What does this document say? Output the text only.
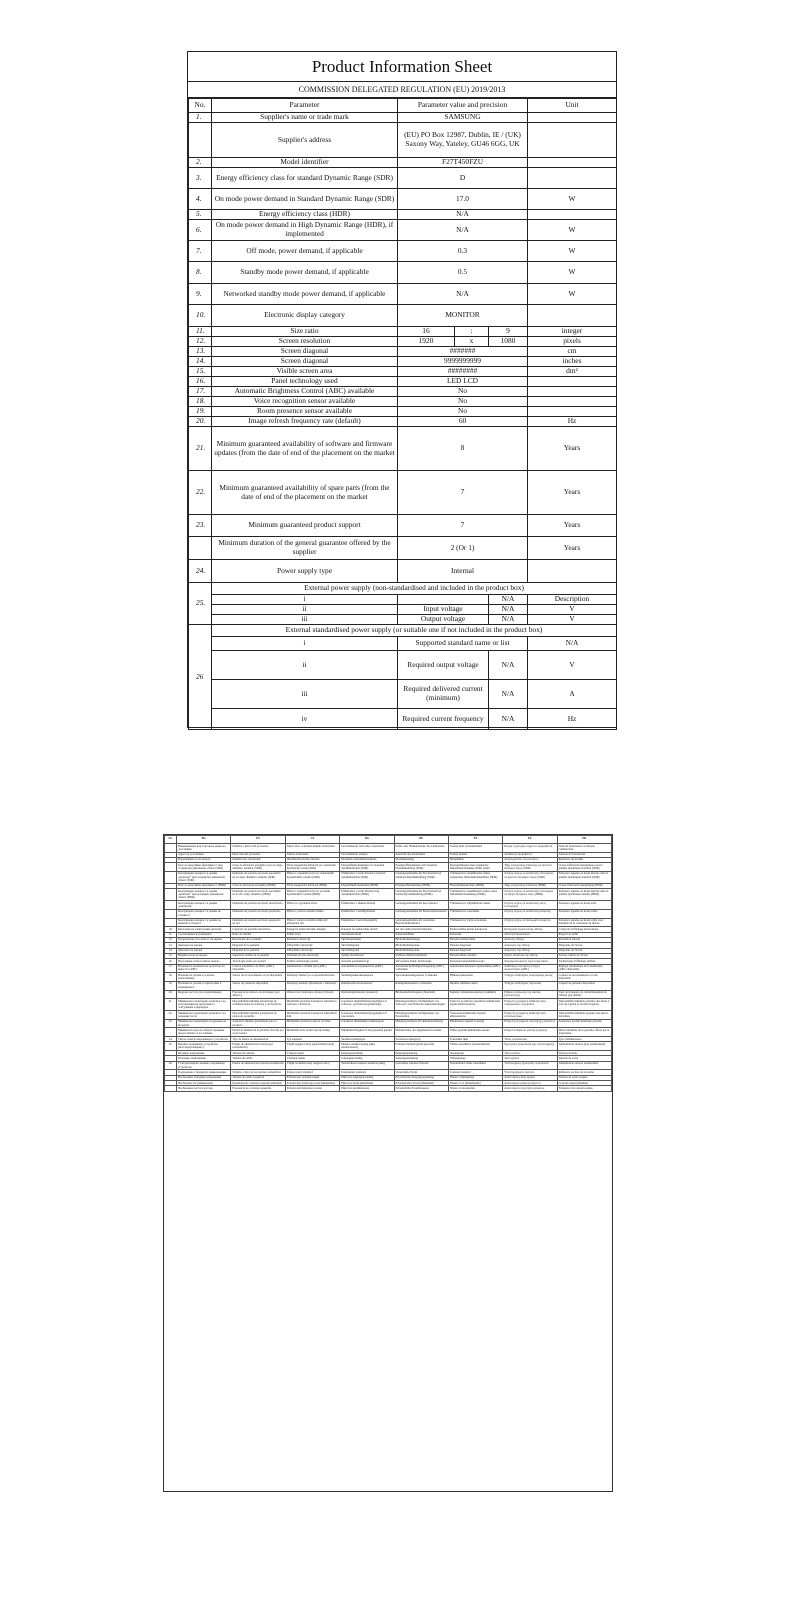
Product Information Sheet
COMMISSION DELEGATED REGULATION (EU) 2019/2013
No.	Parameter	Parameter value and precision			Unit
1.	Supplier's name or trade mark	SAMSUNG			
	Supplier's address	(EU) PO Box 12987, Dublin, IE / (UK) Saxony Way, Yateley, GU46 6GG, UK			
2.	Model identifier	F27T450FZU			
3.	Energy efficiency class for standard Dynamic Range (SDR)	D			
4.	On mode power demand in Standard Dynamic Range (SDR)	17.0			W
5.	Energy efficiency class (HDR)	N/A			
6.	On mode power demand in High Dynamic Range (HDR), if implemented	N/A			W
7.	Off mode, power demand, if applicable	0.3			W
8.	Standby mode power demand, if applicable	0.5			W
9.	Networked standby mode power demand, if applicable	N/A			W
10.	Electronic display category	MONITOR			
11.	Size ratio	16	:	9	integer
12.	Screen resolution	1920	x	1080	pixels
13.	Screen diagonal	#######			cm
14.	Screen diagonal	9999999999			inches
15.	Visible screen area	########			dm²
16.	Panel technology used	LED LCD			
17.	Automatic Brightness Control (ABC) available	No			
18.	Voice recognition sensor available	No			
19.	Room presence sensor available	No			
20.	Image refresh frequency rate (default)	60			Hz
21.	Minimum guaranteed availability of software and firmware updates (from the date of end of the placement on the market	8			Years
22.	Minimum guaranteed availability of spare parts (from the date of end of the placement on the market	7			Years
23.	Minimum guaranteed product support	7			Years
	Minimum duration of the general guarantee offered by the supplier	2 (Or 1)			Years
24.	Power supply type	Internal			
25.	External power supply (non-standardised and included in the product box)				
	i			N/A	Description
	ii	Input voltage		N/A	V
	iii	Output voltage		N/A	V
26	External standardised power supply (or suitable one if not included in the product box)				
	i	Supported standard name or list			N/A
	ii	Required output voltage		N/A	V
	iii	Required delivered current (minimum)		N/A	A
	iv	Required current frequency		N/A	Hz
No.	BG	ES	CS	DA	DE	ET	EL	FR
	Наименование или търговска марка на доставчика	Nombre o marca del proveedor	Název nebo ochranná známka dodavatele	Leverandørens navn eller varemærke	Name oder Handelsmarke des Lieferanten	Tarnija nimi või kaubamärk	Όνομα ή εμπορικό σήμα του προμηθευτή	Nom du fournisseur ou marque commerciale
	Адрес на доставчика	Dirección del proveedor	Adresa dodavatele	Leverandørens adresse	Anschrift des Lieferanten	Tarnija aadress	Διεύθυνση προμηθευτή	Adresse du fournisseur
	Идентификатор на модела	Identificador del modelo	Identifikační značka modelu	Modellens identifikationskode	Modellkennung	Mudelitähis	Αναγνωριστικό του μοντέλου	Référence du modèle
	Клас на енергийна ефективност при стандартен динамичен обхват (SDR)	Clase de eficiencia energética para el rango dinámico estándar (SDR)	Třída energetické účinnosti pro standardní dynamický rozsah (SDR)	Energieffektivitetsklasse for standard dynamikområde (SDR)	Energieeffizienzklasse für Standard-Dynamikumfang (SDR)	Energiatõhususe klass standardse dünaamikavahemiku (SDR) puhul	Τάξη ενεργειακής απόδοσης για πρότυπο δυναμικό εύρος (SDR)	Classe d'efficacité énergétique pour la gamme dynamique standard (SDR)
	Консумирана мощност в режим „включен“ при стандартен динамичен обхват (SDR)	Demanda de potencia en modo encendido en el rango dinámico estándar (SDR)	Příkon v zapnutém stavu ve standardním dynamickém rozsahu (SDR)	Effektbehov i tændt tilstand i standard dynamikområde (SDR)	Leistungsaufnahme im Ein-Zustand bei Standard-Dynamikumfang (SDR)	Võimsustarve sisselülitatud olekus standardses dünaamikavahemikus (SDR)	Ζήτηση ισχύος σε κατάσταση λειτουργίας σε πρότυπο δυναμικό εύρος (SDR)	Puissance appelée en mode marche dans la gamme dynamique standard (SDR)
	Клас на енергийна ефективност (HDR)	Clase de eficiencia energética (HDR)	Třída energetické účinnosti (HDR)	Energieffektivitetsklasse (HDR)	Energieeffizienzklasse (HDR)	Energiatõhususe klass (HDR)	Τάξη ενεργειακής απόδοσης (HDR)	Classe d'efficacité énergétique (HDR)
	Консумирана мощност в режим „включен“ при разширен динамичен обхват (HDR)	Demanda de potencia en modo encendido en el alto rango dinámico (HDR)	Příkon v zapnutém stavu ve vysokém dynamickém rozsahu (HDR)	Effektbehov i tændt tilstand i høj dynamikområde (HDR)	Leistungsaufnahme im Ein-Zustand bei hohem Dynamikumfang (HDR)	Võimsustarve sisselülitatud olekus suure dünaamikavahemikuga (HDR)	Ζήτηση ισχύος σε κατάσταση λειτουργίας σε υψηλό δυναμικό εύρος (HDR)	Puissance appelée en mode marche dans la gamme dynamique étendue (HDR)
	Консумирана мощност в режим „изключен“	Demanda de potencia en modo desactivado	Příkon ve vypnutém stavu	Effektbehov i slukket tilstand	Leistungsaufnahme im Aus-Zustand	Võimsustarve väljalülitatud olekus	Ζήτηση ισχύος σε κατάσταση εκτός λειτουργίας	Puissance appelée en mode arrêt
	Консумирана мощност в режим на готовност	Demanda de potencia en modo preparado	Příkon v pohotovostním režimu	Effektbehov i standbytilstand	Leistungsaufnahme im Bereitschaftszustand	Võimsustarve ooteolekus	Ζήτηση ισχύος σε κατάσταση αναμονής	Puissance appelée en mode veille
	Консумирана мощност в режим на мрежова готовност	Demanda de potencia en modo preparado en red	Příkon v pohotovostním režimu při připojení k síti	Effektbehov i netværksstandby	Leistungsaufnahme im vernetzten Bereitschaftszustand	Võimsustarve võrgu ooteolekus	Ζήτηση ισχύος σε δικτυωμένη αναμονή	Puissance appelée en mode veille avec maintien de la connexion au réseau
10.	Категория на електронния дисплей	Categoría de pantalla electrónica	Kategorie elektronického displeje	Kategori for elektronisk skærm	Art des elektronischen Displays	Elektroonilise kuvari kategooria	Κατηγορία ηλεκτρονικής οθόνης	Catégorie d'affichage électronique
11.	Съотношение на размерите	Ratio de tamaño	Poměr stran	Størrelsesforhold	Seitenverhältnis	Kuvasuhe	Αναλογία διαστάσεων	Rapport de taille
12.	Разделителна способност на екрана	Resolución de la pantalla	Rozlišení obrazovky	Skærmopløsning	Bildschirmauflösung	Ekraani eraldusvõime	Ανάλυση οθόνης	Résolution d'écran
13.	Диагонал на екрана	Diagonal de la pantalla	Úhlopříčka obrazovky	Skærmdiagonal	Bildschirmdiagonale	Ekraani diagonaal	Διαγώνιος της οθόνης	Diagonale de l'écran
14.	Диагонал на екрана	Diagonal de la pantalla	Úhlopříčka obrazovky	Skærmdiagonal	Bildschirmdiagonale	Ekraani diagonaal	Διαγώνιος της οθόνης	Diagonale de l'écran
15.	Видима площ на екрана	Superficie visible de la pantalla	Viditelná plocha obrazovky	Synligt skærmareal	Sichtbare Bildschirmfläche	Ekraani nähtav pindala	Ορατή επιφάνεια της οθόνης	Surface visible de l'écran
16.	Използвана технология на панела	Tecnología usada en el panel	Použitá technologie panelu	Anvendt panelteknologi	Verwendete Panel-Technologie	Kasutatud ekraanitehnoloogia	Χρησιμοποιούμενη τεχνολογία πάνελ	Technologie d'affichage utilisée
17.	Наличие на автоматичен регулатор на яркостта (ABC)	Control automático de brillo (ABC) disponible	Automatické ovládání jasu (ABC)	Automatisk lysstyrkekontrol (ABC)	Automatische Helligkeitsregelung (ABC) vorhanden	Automaatne heleduse reguleerimine (ABC)	Διαθέσιμος αυτόματος έλεγχος φωτεινότητας (ABC)	Réglage automatique de la luminosité (ABC) disponible
18.	Наличие на датчик за гласово разпознаване	Sensor de reconocimiento vocal disponible	Dostupný snímač pro rozpoznávání hlasu	Stemmegenkendelsessensor	Spracherkennungssensor vorhanden	Hääletuvastusandur	Υπάρχει αισθητήρας αναγνώρισης φωνής	Capteur de reconnaissance vocale disponible
19.	Наличие на датчик за присъствие в помещението	Sensor de presencia disponible	Dostupný detektor přítomnosti v místnosti	Rumtilstedeværelsessensor	Raumpräsenzsensor vorhanden	Ruumis viibimise andur	Υπάρχει αισθητήρας παρουσίας	Capteur de présence disponible
20.	Кадрова честота (по подразбиране)	Frecuencia de refresco de la imagen (por defecto)	Obnovovací frekvence obrazu (výchozí)	Opdateringsfrekvens (standard)	Bildwiederholfrequenz (Standard)	Kujutise värskendussagedus (vaikimisi)	Ρυθμός ανανέωσης της εικόνας (προεπιλογή)	Taux de fréquence de rafraîchissement de l'image (par défaut)
21.	Минимална гарантирана наличност на актуализации на програмното осигуряване и фърмуера	Disponibilidad mínima garantizada de actualizaciones de software y de firmware	Minimální zaručená dostupnost aktualizací softwaru a firmwaru	Garanteret minimumstilgængelighed af software- og firmwareopdateringer	Mindestgarantierte Verfügbarkeit von Software- und Firmware-Aktualisierungen	Tarkvara ja püsivara uuenduste minimaalne tagatud kättesaadavus	Ελάχιστη εγγυημένη διαθεσιμότητα ενημερώσεων λογισμικού	Disponibilité minimale garantie des mises à jour du logiciel et du micrologiciel
22.	Минимална гарантирана наличност на резервни части	Disponibilidad mínima garantizada de piezas de recambio	Minimální zaručená dostupnost náhradních dílů	Garanteret minimumstilgængelighed af reservedele	Mindestgarantierte Verfügbarkeit von Ersatzteilen	Varuosade minimaalne tagatud kättesaadavus	Ελάχιστη εγγυημένη διαθεσιμότητα ανταλλακτικών	Disponibilité minimale garantie des pièces détachées
23.	Минимална гарантирана поддръжка на продукта	Asistencia mínima garantizada para el producto	Minimální zaručená podpora výrobku	Garanteret minimumsproduktsupport	Mindestgarantierte Produktunterstützung	Minimaalne tagatud tootetugi	Ελάχιστη εγγυημένη υποστήριξη προϊόντος	Assistance produit minimale garantie
	Минимален срок на общата гаранция, предоставена от доставчика	Duración mínima de la garantía ofrecida por el proveedor	Minimální doba trvání obecné záruky	Minimumsvarighed af den generelle garanti	Mindestdauer der allgemeinen Garantie	Üldise garantii minimaalne kestus	Ελάχιστη διάρκεια γενικής εγγύησης	Durée minimale de la garantie offerte par le fournisseur
24.	Тип на електрозахранващото устройство	Tipo de fuente de alimentación	Typ napájení	Strømforsyningstype	Stromversorgungstyp	Toiteallika tüüp	Τύπος τροφοδοσίας	Type d'alimentation
25.	Външно захранващо устройство (нестандартизирано)	Fuente de alimentación externa (no normalizada)	Vnější napájecí zdroj (nenormalizovaný)	Ekstern strømforsyning (ikke standardiseret)	Externes Netzteil (nicht genormt)	Väline toiteallikas (standardimata)	Εξωτερική τροφοδοσία (μη τυποποιημένη)	Alimentation externe (non standardisée)
	Входящо напрежение	Tensión de entrada	Vstupní napětí	Indgangsspænding	Eingangsspannung	Sisendpinge	Τάση εισόδου	Tension d'entrée
	Изходящо напрежение	Tensión de salida	Výstupní napětí	Udgangsspænding	Ausgangsspannung	Väljundpinge	Τάση εξόδου	Tension de sortie
26.	Стандартизирано външно захранващо устройство	Fuente de alimentación externa normalizada	Vnější normalizovaný napájecí zdroj	Standardiseret ekstern strømforsyning	Genormtes externes Netzteil	Standarditud väline toiteallikas	Τυποποιημένη εξωτερική τροφοδοσία	Alimentation externe standardisée
	Поддържано стандартно наименование	Nombre o lista de las normas compatibles	Podporovaný standard	Understøttet standard	Unterstützte Norm	Toetatud standard	Υποστηριζόμενο πρότυπο	Référence ou liste de la norme
	Необходимо изходящо напрежение	Tensión de salida requerida	Požadované výstupní napětí	Påkrævet udgangsspænding	Erforderliche Ausgangsspannung	Nõutav väljundpinge	Απαιτούμενη τάση εξόδου	Tension de sortie requise
	Необходим ток (минимален)	Intensidad de corriente requerida (mínima)	Požadovaný dodávaný proud (minimální)	Påkrævet strøm (minimum)	Erforderlicher Strom (Minimum)	Nõutav vool (minimaalne)	Απαιτούμενο ρεύμα (ελάχιστο)	Courant requis (minimal)
	Необходима честота на тока	Frecuencia de corriente requerida	Požadovaná frekvence proudu	Påkrævet strømfrekvens	Erforderliche Stromfrequenz	Nõutav voolusagedus	Απαιτούμενη συχνότητα ρεύματος	Fréquence du courant requise
